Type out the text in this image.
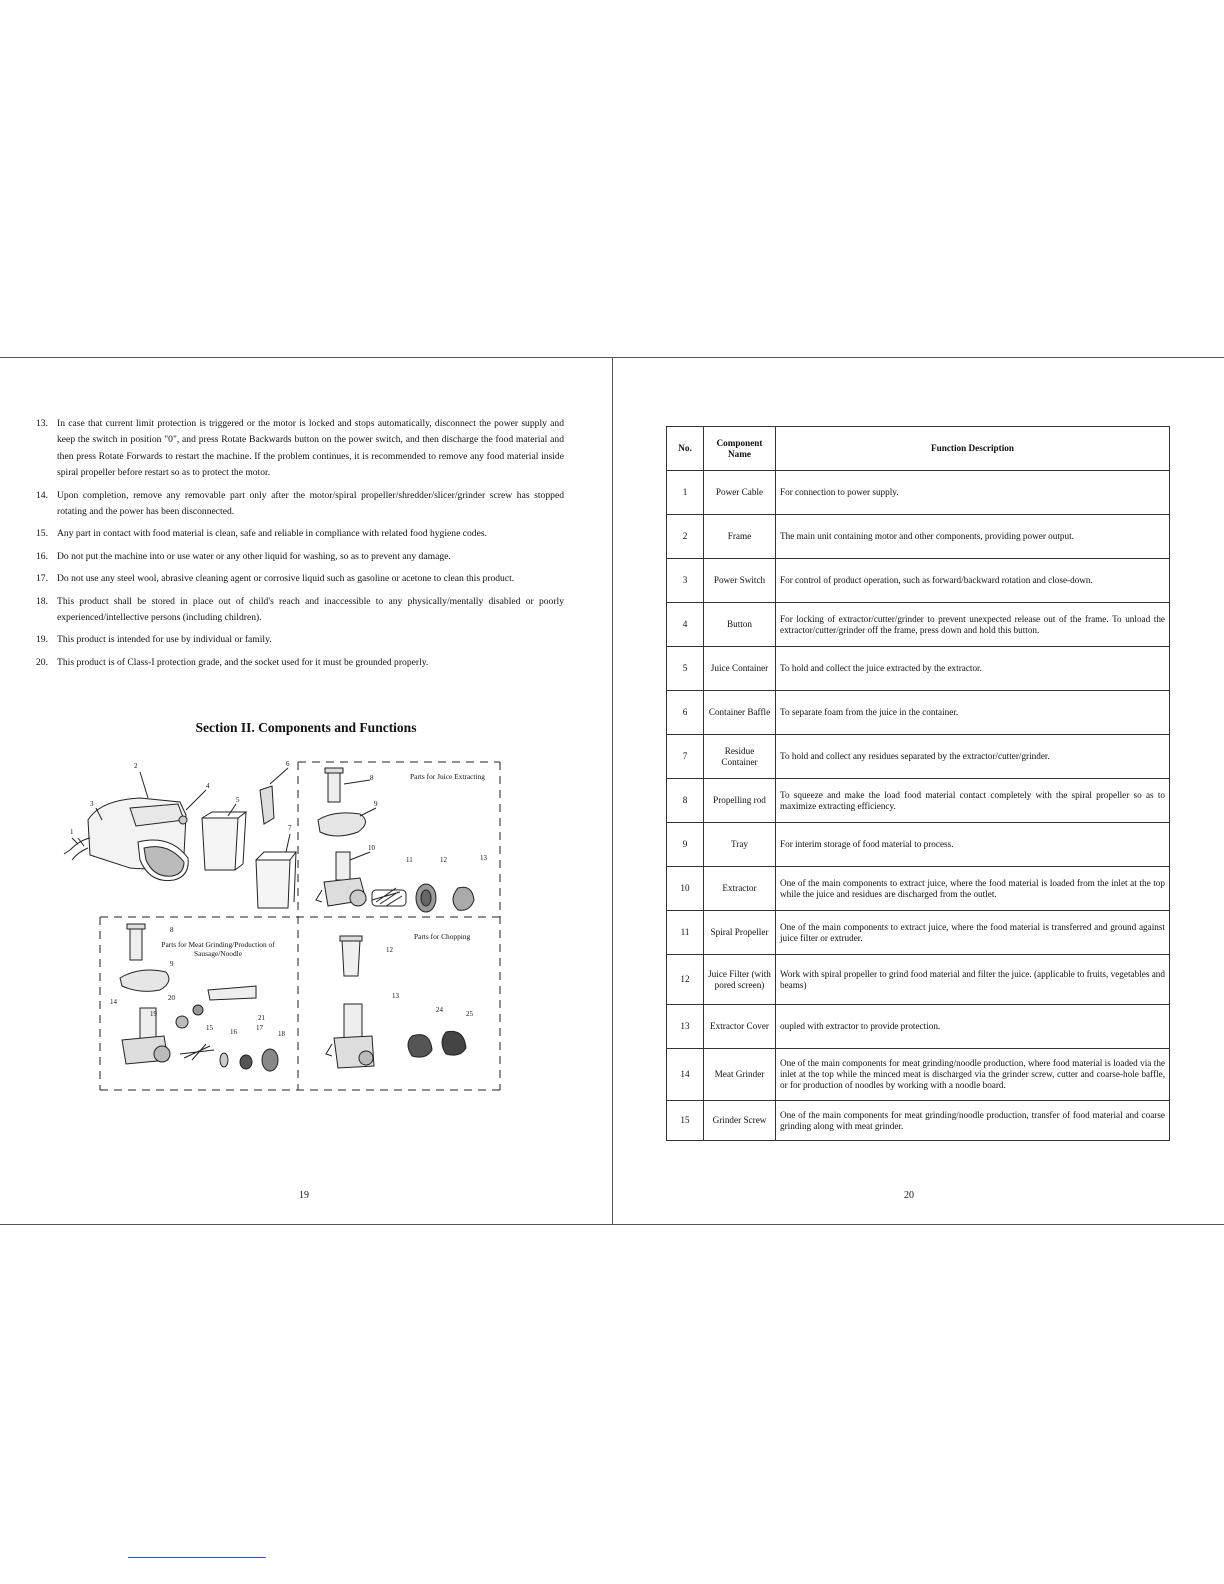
13. In case that current limit protection is triggered or the motor is locked and stops automatically, disconnect the power supply and keep the switch in position "0", and press Rotate Backwards button on the power switch, and then discharge the food material and then press Rotate Forwards to restart the machine. If the problem continues, it is recommended to remove any food material inside spiral propeller before restart so as to protect the motor.
14. Upon completion, remove any removable part only after the motor/spiral propeller/shredder/slicer/grinder screw has stopped rotating and the power has been disconnected.
15. Any part in contact with food material is clean, safe and reliable in compliance with related food hygiene codes.
16. Do not put the machine into or use water or any other liquid for washing, so as to prevent any damage.
17. Do not use any steel wool, abrasive cleaning agent or corrosive liquid such as gasoline or acetone to clean this product.
18. This product shall be stored in place out of child's reach and inaccessible to any physically/mentally disabled or poorly experienced/intellective persons (including children).
19. This product is intended for use by individual or family.
20. This product is of Class-I protection grade, and the socket used for it must be grounded properly.
Section II. Components and Functions
Parts for Juice Extracting
Parts for Meat Grinding/Production of Sausage/Noodle
Parts for Chopping
2
4
3
1
5
6
7
8
9
10
11	12	13
8
9
14
19
20
15 16	17
18
21
12
13
24	25
19
No.	Component Name	Function Description
1	Power Cable	For connection to power supply.
2	Frame	The main unit containing motor and other components, providing power output.
3	Power Switch	For control of product operation, such as forward/backward rotation and close-down.
4	Button	For locking of extractor/cutter/grinder to prevent unexpected release out of the frame. To unload the extractor/cutter/grinder off the frame, press down and hold this button.
5	Juice Container	To hold and collect the juice extracted by the extractor.
6	Container Baffle	To separate foam from the juice in the container.
7	Residue Container	To hold and collect any residues separated by the extractor/cutter/grinder.
8	Propelling rod	To squeeze and make the load food material contact completely with the spiral propeller so as to maximize extracting efficiency.
9	Tray	For interim storage of food material to process.
10	Extractor	One of the main components to extract juice, where the food material is loaded from the inlet at the top while the juice and residues are discharged from the outlet.
11	Spiral Propeller	One of the main components to extract juice, where the food material is transferred and ground against juice filter or extruder.
12	Juice Filter (with pored screen)	Work with spiral propeller to grind food material and filter the juice. (applicable to fruits, vegetables and beams)
13	Extractor Cover	oupled with extractor to provide protection.
14	Meat Grinder	One of the main components for meat grinding/noodle production, where food material is loaded via the inlet at the top while the minced meat is discharged via the grinder screw, cutter and coarse-hole baffle, or for production of noodles by working with a noodle board.
15	Grinder Screw	One of the main components for meat grinding/noodle production, transfer of food material and coarse grinding along with meat grinder.
20
